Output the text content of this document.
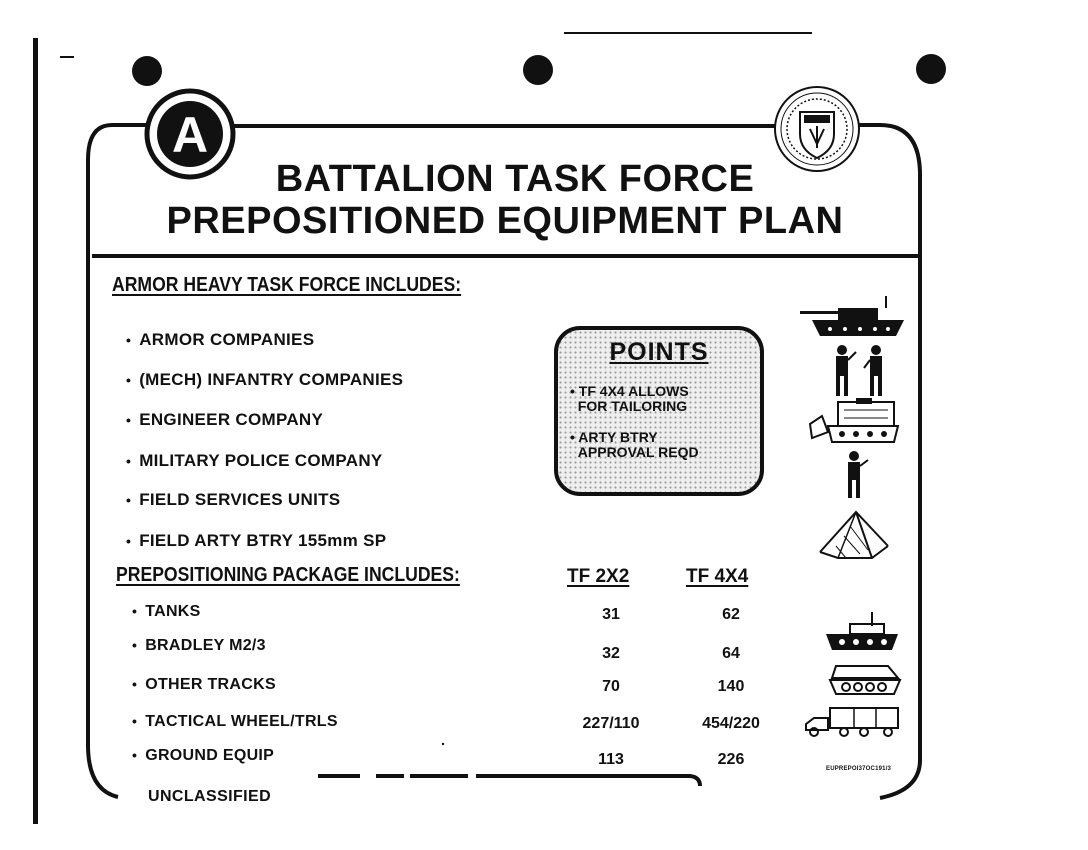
A
BATTALION TASK FORCE
PREPOSITIONED EQUIPMENT PLAN
ARMOR HEAVY TASK FORCE INCLUDES:
• ARMOR COMPANIES
• (MECH) INFANTRY COMPANIES
• ENGINEER COMPANY
• MILITARY POLICE COMPANY
• FIELD SERVICES UNITS
• FIELD ARTY BTRY 155mm SP
POINTS
• TF 4X4 ALLOWS
FOR TAILORING
• ARTY BTRY
APPROVAL REQD
PREPOSITIONING PACKAGE INCLUDES:	TF 2X2	TF 4X4
• TANKS	31	62
• BRADLEY M2/3	32	64
• OTHER TRACKS	70	140
• TACTICAL WHEEL/TRLS	227/110	454/220
• GROUND EQUIP	113	226
UNCLASSIFIED
EUPREPOI37OC191/3
